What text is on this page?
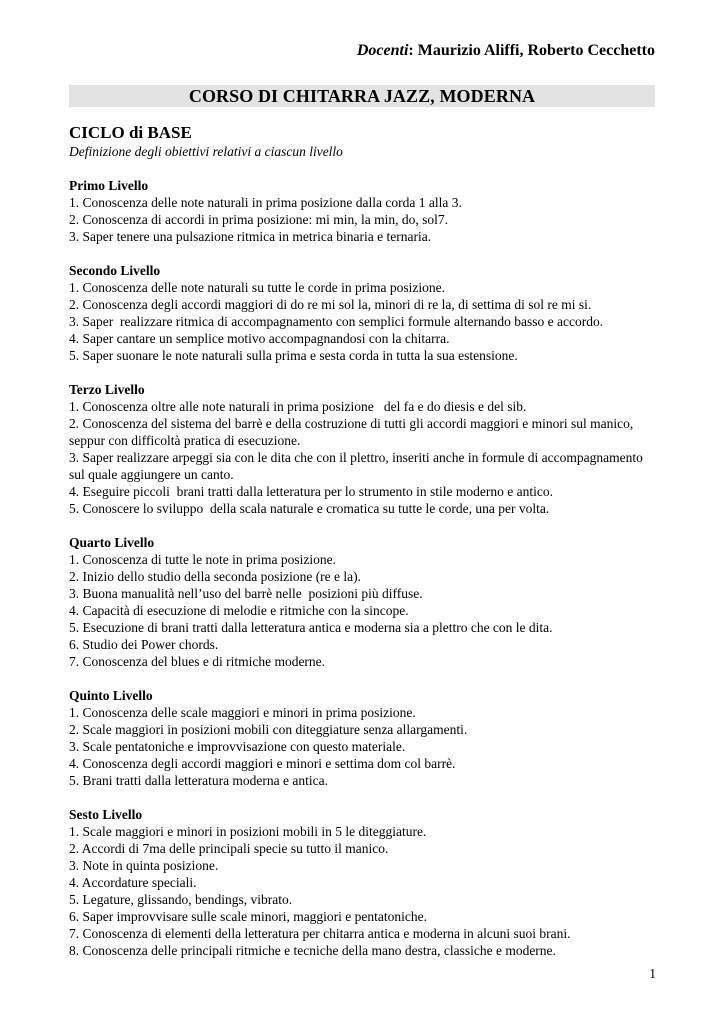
Docenti: Maurizio Aliffi, Roberto Cecchetto
CORSO DI CHITARRA JAZZ, MODERNA
CICLO di BASE
Definizione degli obiettivi relativi a ciascun livello
Primo Livello
1. Conoscenza delle note naturali in prima posizione dalla corda 1 alla 3.
2. Conoscenza di accordi in prima posizione: mi min, la min, do, sol7.
3. Saper tenere una pulsazione ritmica in metrica binaria e ternaria.
Secondo Livello
1. Conoscenza delle note naturali su tutte le corde in prima posizione.
2. Conoscenza degli accordi maggiori di do re mi sol la, minori di re la, di settima di sol re mi si.
3. Saper  realizzare ritmica di accompagnamento con semplici formule alternando basso e accordo.
4. Saper cantare un semplice motivo accompagnandosi con la chitarra.
5. Saper suonare le note naturali sulla prima e sesta corda in tutta la sua estensione.
Terzo Livello
1. Conoscenza oltre alle note naturali in prima posizione   del fa e do diesis e del sib.
2. Conoscenza del sistema del barrè e della costruzione di tutti gli accordi maggiori e minori sul manico, seppur con difficoltà pratica di esecuzione.
3. Saper realizzare arpeggi sia con le dita che con il plettro, inseriti anche in formule di accompagnamento sul quale aggiungere un canto.
4. Eseguire piccoli  brani tratti dalla letteratura per lo strumento in stile moderno e antico.
5. Conoscere lo sviluppo  della scala naturale e cromatica su tutte le corde, una per volta.
Quarto Livello
1. Conoscenza di tutte le note in prima posizione.
2. Inizio dello studio della seconda posizione (re e la).
3. Buona manualità nell’uso del barrè nelle  posizioni più diffuse.
4. Capacità di esecuzione di melodie e ritmiche con la sincope.
5. Esecuzione di brani tratti dalla letteratura antica e moderna sia a plettro che con le dita.
6. Studio dei Power chords.
7. Conoscenza del blues e di ritmiche moderne.
Quinto Livello
1. Conoscenza delle scale maggiori e minori in prima posizione.
2. Scale maggiori in posizioni mobili con diteggiature senza allargamenti.
3. Scale pentatoniche e improvvisazione con questo materiale.
4. Conoscenza degli accordi maggiori e minori e settima dom col barrè.
5. Brani tratti dalla letteratura moderna e antica.
Sesto Livello
1. Scale maggiori e minori in posizioni mobili in 5 le diteggiature.
2. Accordi di 7ma delle principali specie su tutto il manico.
3. Note in quinta posizione.
4. Accordature speciali.
5. Legature, glissando, bendings, vibrato.
6. Saper improvvisare sulle scale minori, maggiori e pentatoniche.
7. Conoscenza di elementi della letteratura per chitarra antica e moderna in alcuni suoi brani.
8. Conoscenza delle principali ritmiche e tecniche della mano destra, classiche e moderne.
1
